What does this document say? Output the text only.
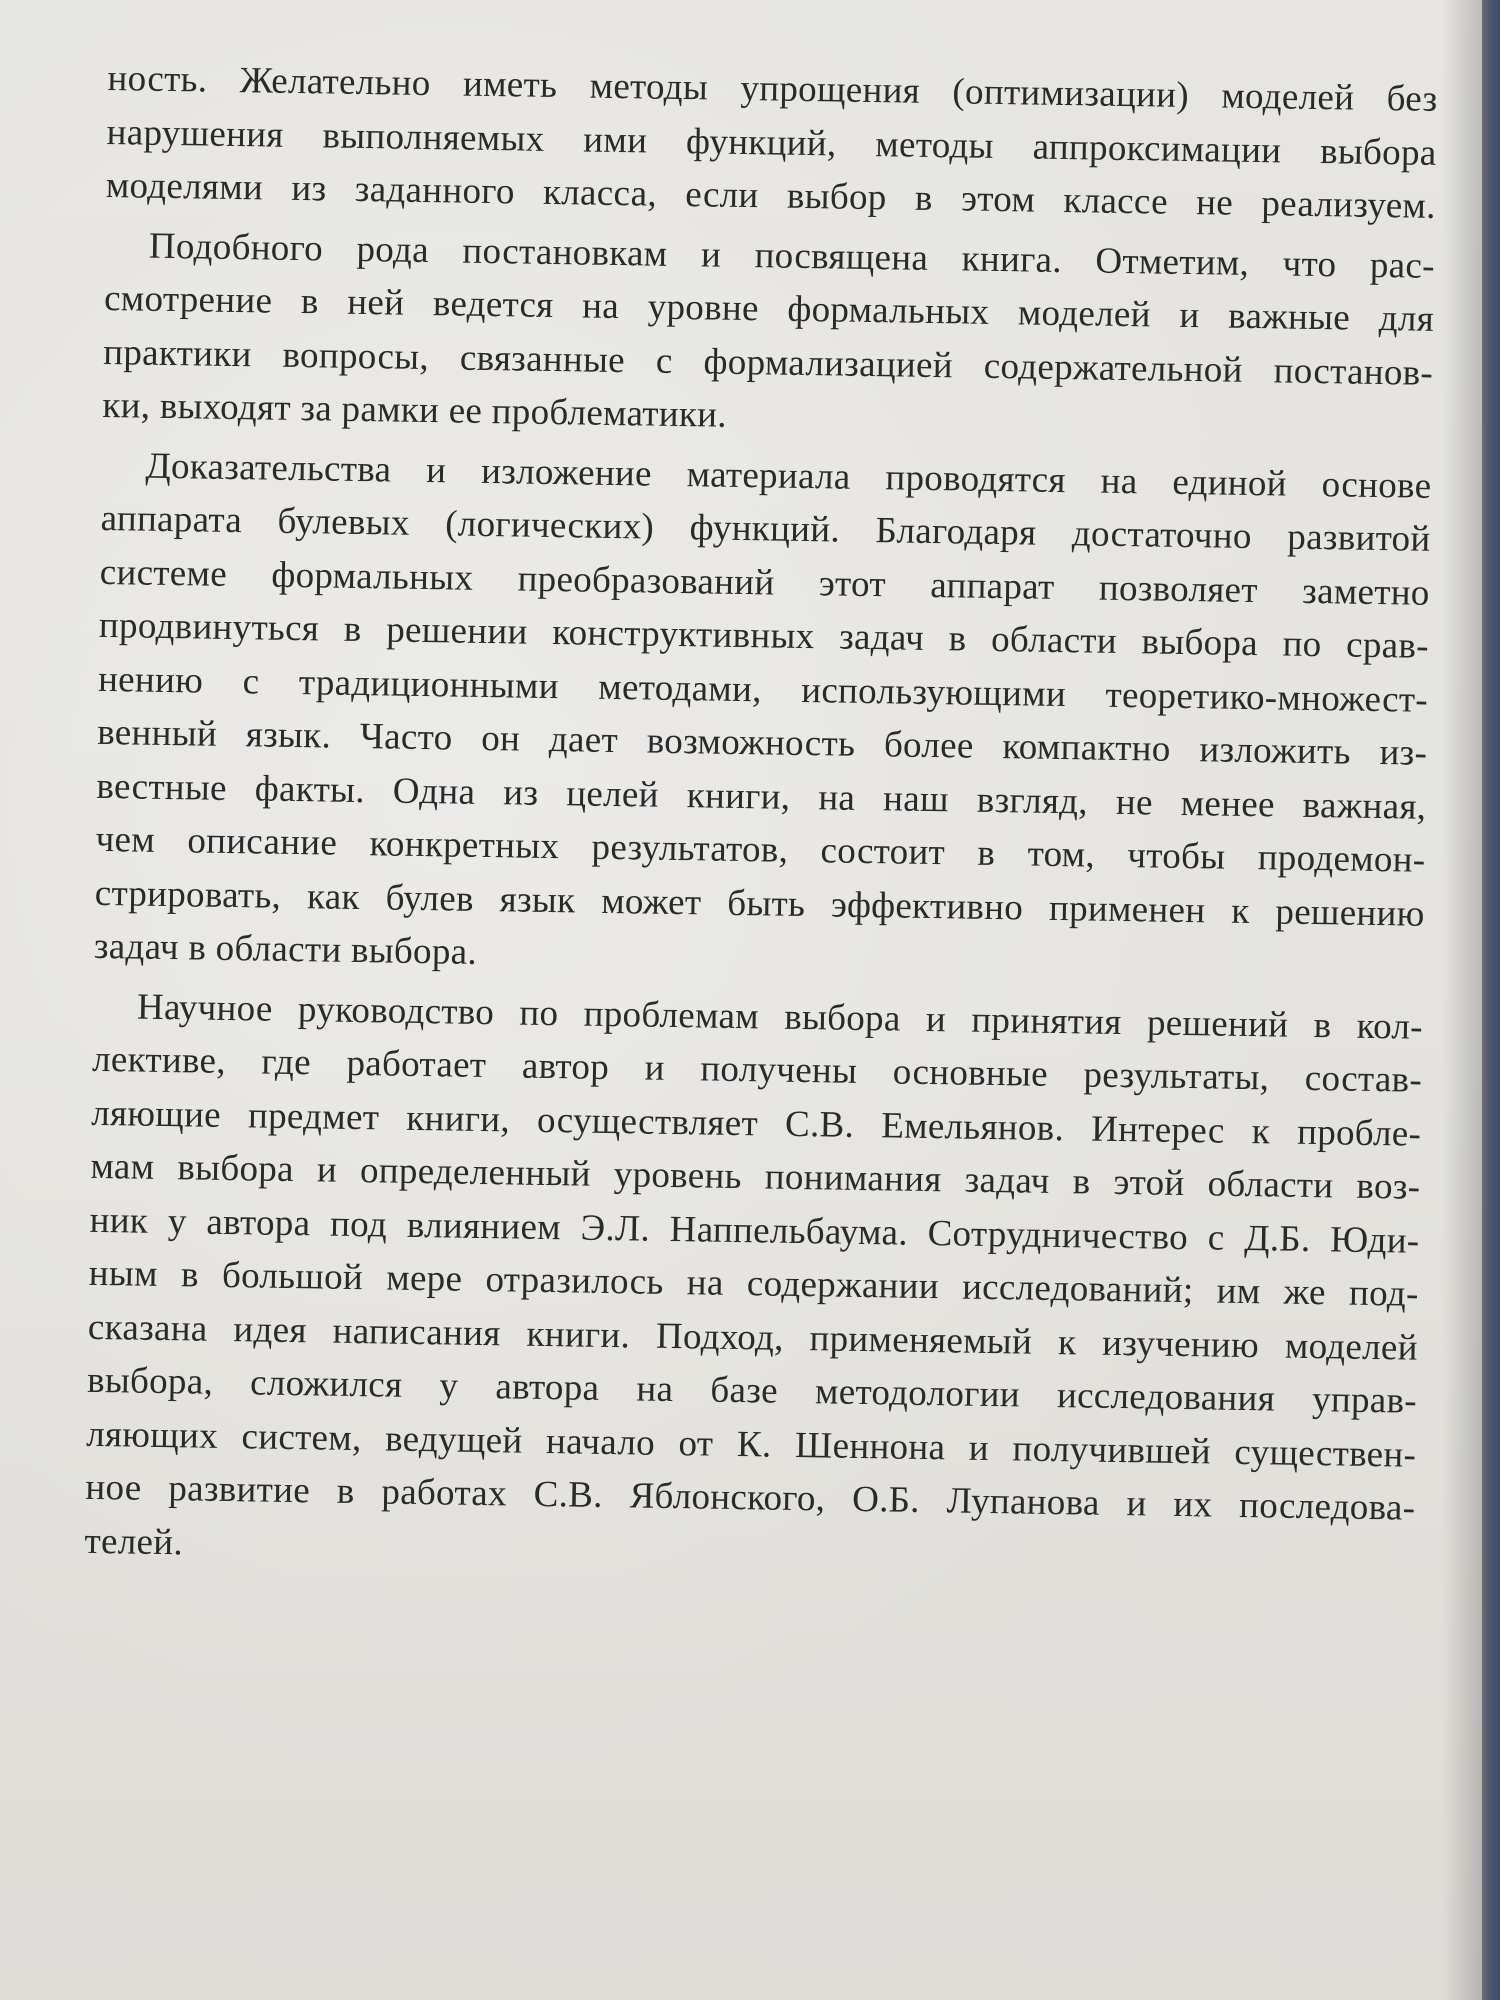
ность. Желательно иметь методы упрощения (оптимизации) моделей без
нарушения выполняемых ими функций, методы аппроксимации выбора
моделями из заданного класса, если выбор в этом классе не реализуем.
Подобного рода постановкам и посвящена книга. Отметим, что рас-
смотрение в ней ведется на уровне формальных моделей и важные для
практики вопросы, связанные с формализацией содержательной постанов-
ки, выходят за рамки ее проблематики.
Доказательства и изложение материала проводятся на единой основе
аппарата булевых (логических) функций. Благодаря достаточно развитой
системе формальных преобразований этот аппарат позволяет заметно
продвинуться в решении конструктивных задач в области выбора по срав-
нению с традиционными методами, использующими теоретико-множест-
венный язык. Часто он дает возможность более компактно изложить из-
вестные факты. Одна из целей книги, на наш взгляд, не менее важная,
чем описание конкретных результатов, состоит в том, чтобы продемон-
стрировать, как булев язык может быть эффективно применен к решению
задач в области выбора.
Научное руководство по проблемам выбора и принятия решений в кол-
лективе, где работает автор и получены основные результаты, состав-
ляющие предмет книги, осуществляет С.В. Емельянов. Интерес к пробле-
мам выбора и определенный уровень понимания задач в этой области воз-
ник у автора под влиянием Э.Л. Наппельбаума. Сотрудничество с Д.Б. Юди-
ным в большой мере отразилось на содержании исследований; им же под-
сказана идея написания книги. Подход, применяемый к изучению моделей
выбора, сложился у автора на базе методологии исследования управ-
ляющих систем, ведущей начало от К. Шеннона и получившей существен-
ное развитие в работах С.В. Яблонского, О.Б. Лупанова и их последова-
телей.
